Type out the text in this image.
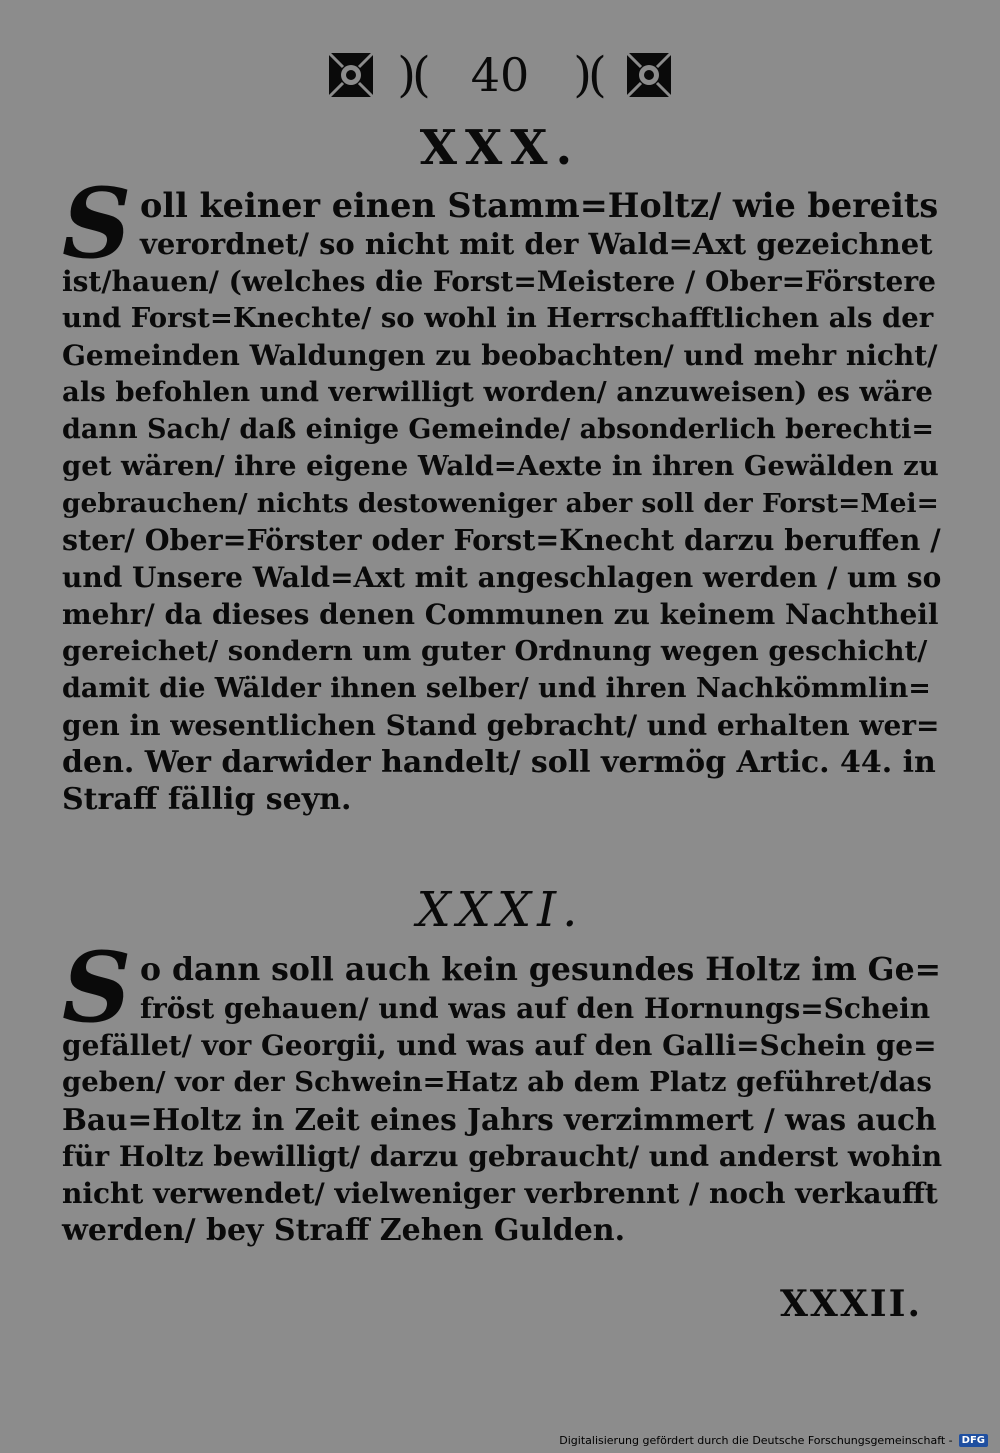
)( 40 )(
XXX.
S oll keiner einen Stamm=Holtz/ wie bereits
verordnet/ so nicht mit der Wald=Axt gezeichnet
ist/hauen/ (welches die Forst=Meistere / Ober=Förstere
und Forst=Knechte/ so wohl in Herrschafftlichen als der
Gemeinden Waldungen zu beobachten/ und mehr nicht/
als befohlen und verwilligt worden/ anzuweisen) es wäre
dann Sach/ daß einige Gemeinde/ absonderlich berechti=
get wären/ ihre eigene Wald=Aexte in ihren Gewälden zu
gebrauchen/ nichts destoweniger aber soll der Forst=Mei=
ster/ Ober=Förster oder Forst=Knecht darzu beruffen /
und Unsere Wald=Axt mit angeschlagen werden / um so
mehr/ da dieses denen Communen zu keinem Nachtheil
gereichet/ sondern um guter Ordnung wegen geschicht/
damit die Wälder ihnen selber/ und ihren Nachkömmlin=
gen in wesentlichen Stand gebracht/ und erhalten wer=
den. Wer darwider handelt/ soll vermög Artic. 44. in
Straff fällig seyn.
XXXI.
S o dann soll auch kein gesundes Holtz im Ge=
fröst gehauen/ und was auf den Hornungs=Schein
gefället/ vor Georgii, und was auf den Galli=Schein ge=
geben/ vor der Schwein=Hatz ab dem Platz geführet/das
Bau=Holtz in Zeit eines Jahrs verzimmert / was auch
für Holtz bewilligt/ darzu gebraucht/ und anderst wohin
nicht verwendet/ vielweniger verbrennt / noch verkaufft
werden/ bey Straff Zehen Gulden.
XXXII.
Digitalisierung gefördert durch die Deutsche Forschungsgemeinschaft - DFG
